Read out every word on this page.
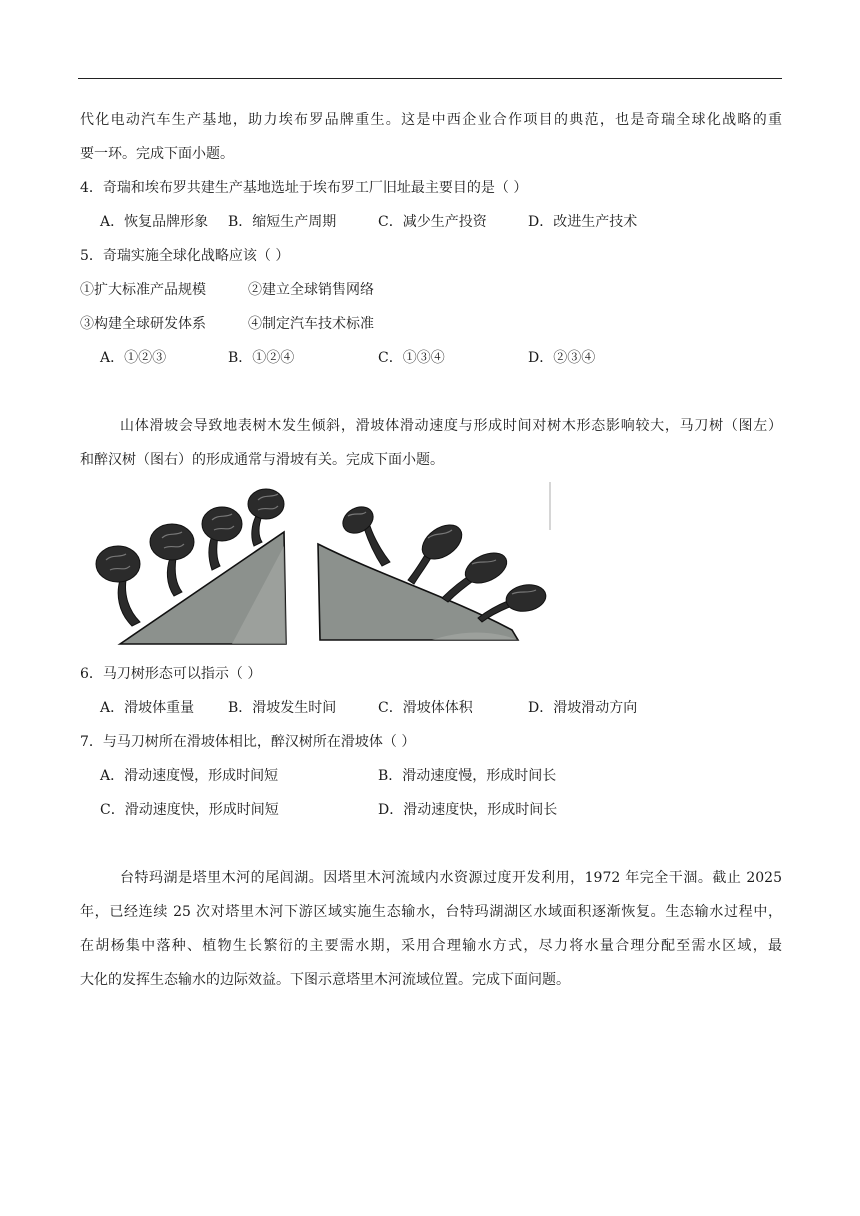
代化电动汽车生产基地，助力埃布罗品牌重生。这是中西企业合作项目的典范，也是奇瑞全球化战略的重
要一环。完成下面小题。
4．奇瑞和埃布罗共建生产基地选址于埃布罗工厂旧址最主要目的是（ ）
A．恢复品牌形象 B．缩短生产周期	C．减少生产投资	D．改进生产技术
5．奇瑞实施全球化战略应该（ ）
①扩大标准产品规模	②建立全球销售网络
③构建全球研发体系	④制定汽车技术标准
A．①②③	B．①②④	C．①③④	D．②③④
山体滑坡会导致地表树木发生倾斜，滑坡体滑动速度与形成时间对树木形态影响较大，马刀树（图左）
和醉汉树（图右）的形成通常与滑坡有关。完成下面小题。
6．马刀树形态可以指示（ ）
A．滑坡体重量 B．滑坡发生时间	C．滑坡体体积	D．滑坡滑动方向
7．与马刀树所在滑坡体相比，醉汉树所在滑坡体（ ）
A．滑动速度慢，形成时间短	B．滑动速度慢，形成时间长
C．滑动速度快，形成时间短	D．滑动速度快，形成时间长
台特玛湖是塔里木河的尾闾湖。因塔里木河流域内水资源过度开发利用，1972 年完全干涸。截止 2025
年，已经连续 25 次对塔里木河下游区域实施生态输水，台特玛湖湖区水域面积逐渐恢复。生态输水过程中，
在胡杨集中落种、植物生长繁衍的主要需水期，采用合理输水方式，尽力将水量合理分配至需水区域，最
大化的发挥生态输水的边际效益。下图示意塔里木河流域位置。完成下面问题。
